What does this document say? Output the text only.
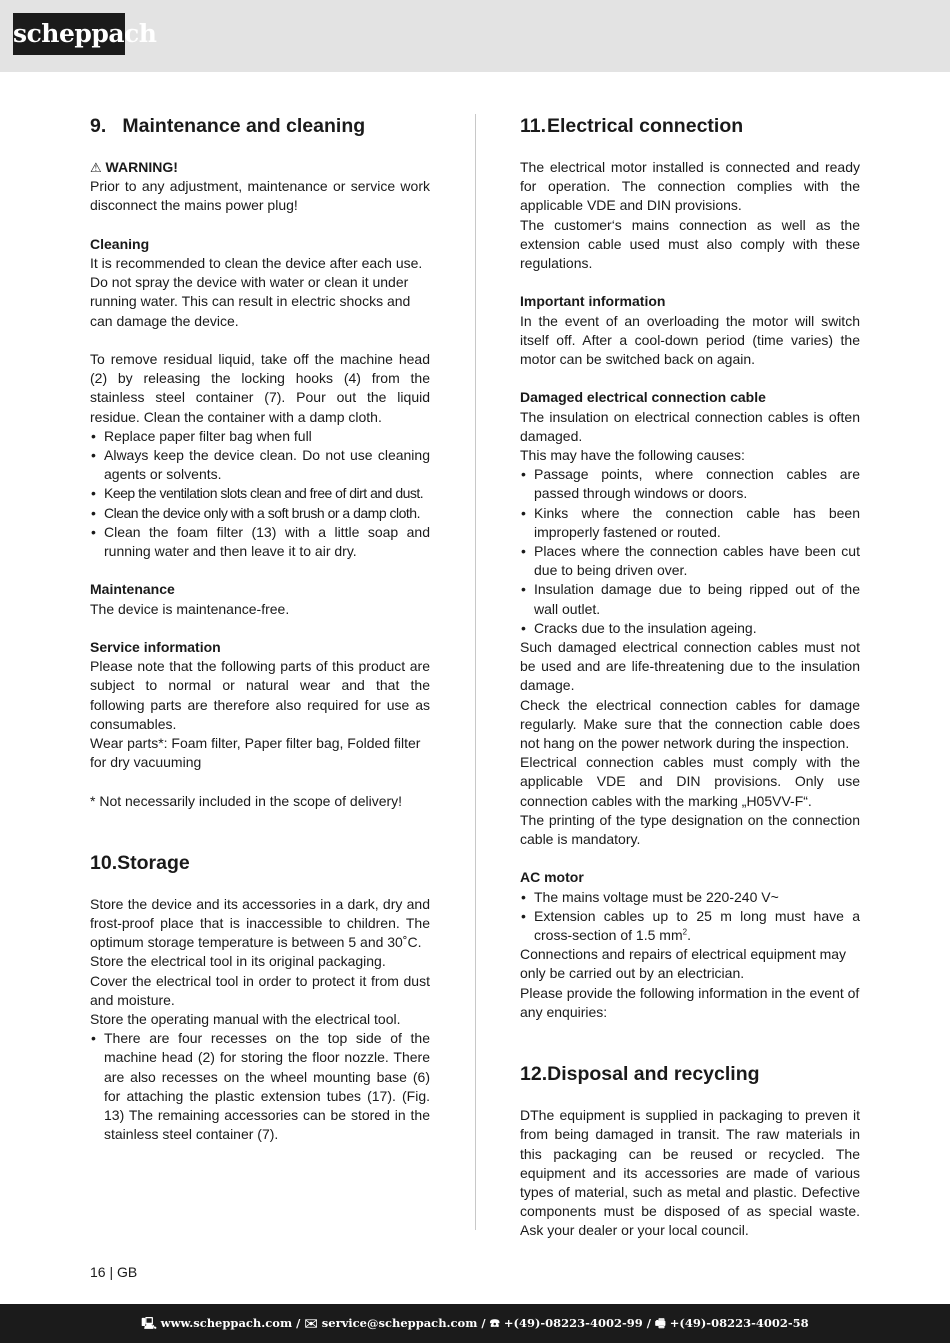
scheppach
9. Maintenance and cleaning
⚠ WARNING!

Prior to any adjustment, maintenance or service work disconnect the mains power plug!

Cleaning

It is recommended to clean the device after each use. Do not spray the device with water or clean it under running water. This can result in electric shocks and can damage the device.

To remove residual liquid, take off the machine head (2) by releasing the locking hooks (4) from the stainless steel container (7). Pour out the liquid residue. Clean the container with a damp cloth.

• Replace paper filter bag when full
• Always keep the device clean. Do not use cleaning agents or solvents.
• Keep the ventilation slots clean and free of dirt and dust.
• Clean the device only with a soft brush or a damp cloth.
• Clean the foam filter (13) with a little soap and running water and then leave it to air dry.
Maintenance

The device is maintenance-free.

Service information

Please note that the following parts of this product are subject to normal or natural wear and that the following parts are therefore also required for use as consumables.

Wear parts*: Foam filter, Paper filter bag, Folded filter for dry vacuuming

* Not necessarily included in the scope of delivery!

10.Storage

Store the device and its accessories in a dark, dry and frost-proof place that is inaccessible to children. The optimum storage temperature is between 5 and 30˚C.

Store the electrical tool in its original packaging.

Cover the electrical tool in order to protect it from dust and moisture.

Store the operating manual with the electrical tool.

• There are four recesses on the top side of the machine head (2) for storing the floor nozzle. There are also recesses on the wheel mounting base (6) for attaching the plastic extension tubes (17). (Fig. 13) The remaining accessories can be stored in the stainless steel container (7).
11.Electrical connection

The electrical motor installed is connected and ready for operation. The connection complies with the applicable VDE and DIN provisions.

The customer‘s mains connection as well as the extension cable used must also comply with these regulations.

Important information

In the event of an overloading the motor will switch itself off. After a cool-down period (time varies) the motor can be switched back on again.

Damaged electrical connection cable

The insulation on electrical connection cables is often damaged.

This may have the following causes:

• Passage points, where connection cables are passed through windows or doors.
• Kinks where the connection cable has been improperly fastened or routed.
• Places where the connection cables have been cut due to being driven over.
• Insulation damage due to being ripped out of the wall outlet.
• Cracks due to the insulation ageing.

Such damaged electrical connection cables must not be used and are life-threatening due to the insulation damage.

Check the electrical connection cables for damage regularly. Make sure that the connection cable does not hang on the power network during the inspection.

Electrical connection cables must comply with the applicable VDE and DIN provisions. Only use connection cables with the marking „H05VV-F“.

The printing of the type designation on the connection cable is mandatory.

AC motor
• The mains voltage must be 220-240 V~
• Extension cables up to 25 m long must have a cross-section of 1.5 $mm^2$.

Connections and repairs of electrical equipment may only be carried out by an electrician.

Please provide the following information in the event of any enquiries:

12.Disposal and recycling

DThe equipment is supplied in packaging to preven it from being damaged in transit. The raw materials in this packaging can be reused or recycled. The equipment and its accessories are made of various types of material, such as metal and plastic. Defective components must be disposed of as special waste. Ask your dealer or your local council.

16 | GB
🖳 www.scheppach.com / ✉ service@scheppach.com / ☎ +(49)-08223-4002-99 / 🖷 +(49)-08223-4002-58
